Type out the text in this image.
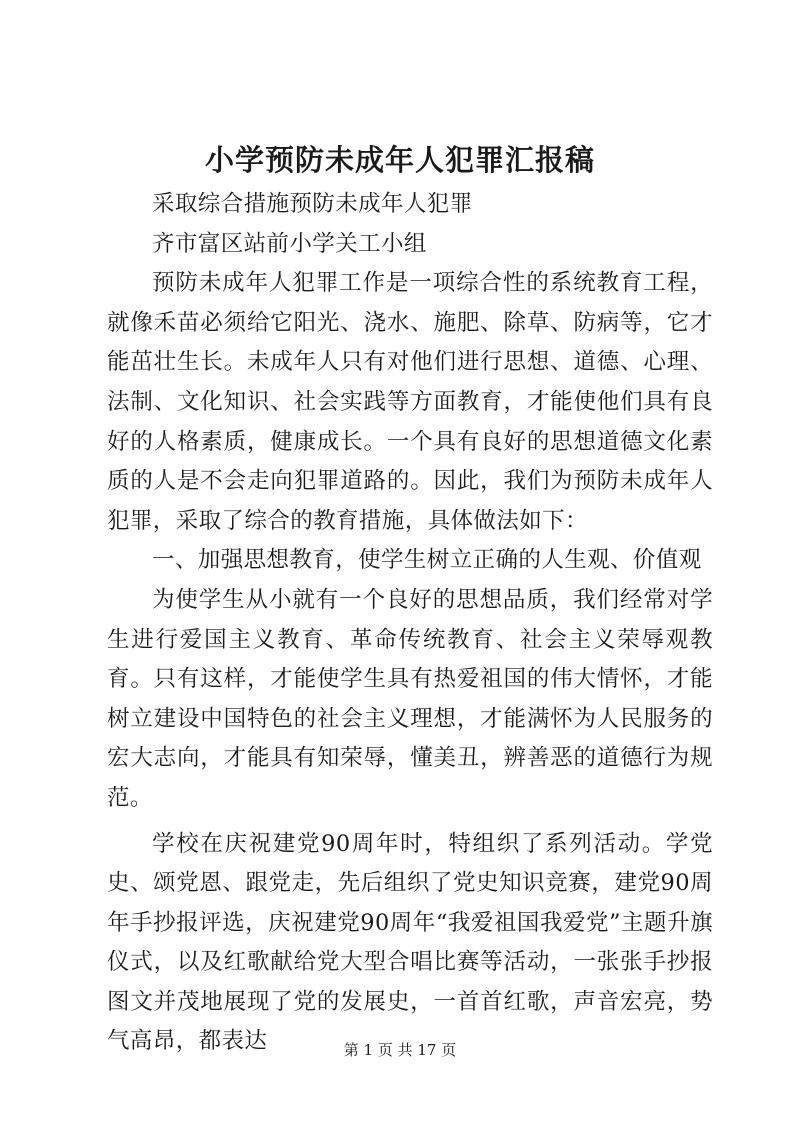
小学预防未成年人犯罪汇报稿

采取综合措施预防未成年人犯罪

齐市富区站前小学关工小组

预防未成年人犯罪工作是一项综合性的系统教育工程，就像禾苗必须给它阳光、浇水、施肥、除草、防病等，它才能茁壮生长。未成年人只有对他们进行思想、道德、心理、法制、文化知识、社会实践等方面教育，才能使他们具有良好的人格素质，健康成长。一个具有良好的思想道德文化素质的人是不会走向犯罪道路的。因此，我们为预防未成年人犯罪，采取了综合的教育措施，具体做法如下：

一、加强思想教育，使学生树立正确的人生观、价值观

为使学生从小就有一个良好的思想品质，我们经常对学生进行爱国主义教育、革命传统教育、社会主义荣辱观教育。只有这样，才能使学生具有热爱祖国的伟大情怀，才能树立建设中国特色的社会主义理想，才能满怀为人民服务的宏大志向，才能具有知荣辱，懂美丑，辨善恶的道德行为规范。

学校在庆祝建党90周年时，特组织了系列活动。学党史、颂党恩、跟党走，先后组织了党史知识竞赛，建党90周年手抄报评选，庆祝建党90周年“我爱祖国我爱党”主题升旗仪式，以及红歌献给党大型合唱比赛等活动，一张张手抄报图文并茂地展现了党的发展史，一首首红歌，声音宏亮，势气高昂，都表达	第 1 页 共 17 页
